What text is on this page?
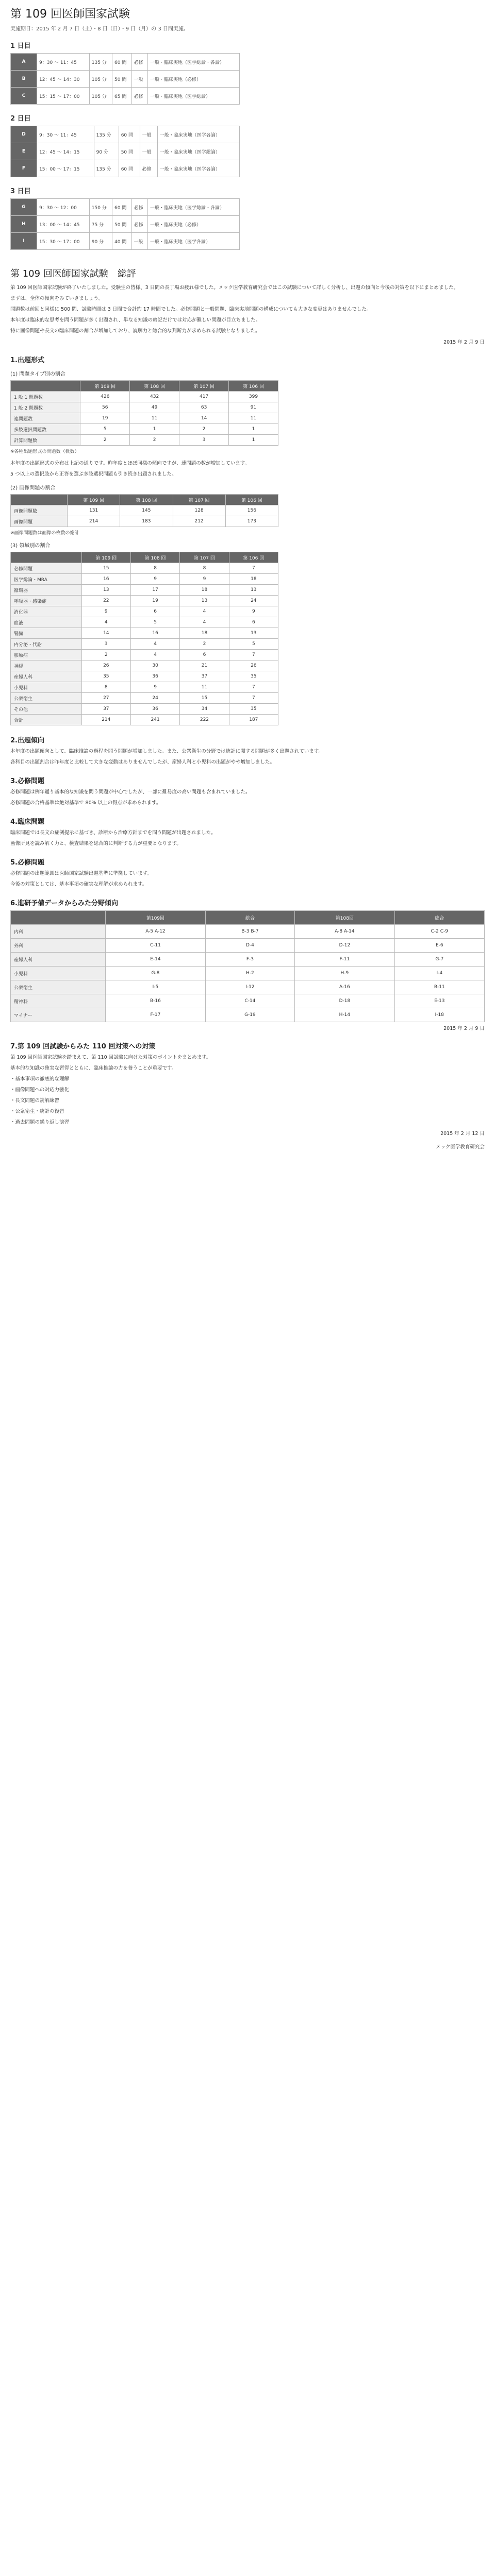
第 109 回医師国家試験
実施期日：2015 年 2 月 7 日（土）・8 日（日）・9 日（月）の 3 日間実施。
1 日目
A	9：30 〜 11：45	135 分	60 問	必修	一般・臨床実地（医学総論・各論）
B	12：45 〜 14：30	105 分	50 問	一般	一般・臨床実地（必修）
C	15：15 〜 17：00	105 分	65 問	必修	一般・臨床実地（医学総論）
2 日目
D	9：30 〜 11：45	135 分	60 問	一般	一般・臨床実地（医学各論）
E	12：45 〜 14：15	90 分	50 問	一般	一般・臨床実地（医学総論）
F	15：00 〜 17：15	135 分	60 問	必修	一般・臨床実地（医学各論）
3 日目
G	9：30 〜 12：00	150 分	60 問	必修	一般・臨床実地（医学総論・各論）
H	13：00 〜 14：45	75 分	50 問	必修	一般・臨床実地（必修）
I	15：30 〜 17：00	90 分	40 問	一般	一般・臨床実地（医学各論）
第 109 回医師国家試験　総評

第 109 回医師国家試験が終了いたしました。受験生の皆様、3 日間の長丁場お疲れ様でした。メック医学教育研究会ではこの試験について詳しく分析し、出題の傾向と今後の対策を以下にまとめました。

まずは、全体の傾向をみていきましょう。

問題数は前回と同様に 500 問、試験時間は 3 日間で合計約 17 時間でした。必修問題と一般問題、臨床実地問題の構成についても大きな変更はありませんでした。

本年度は臨床的な思考を問う問題が多く出題され、単なる知識の暗記だけでは対応が難しい問題が目立ちました。

特に画像問題や長文の臨床問題の割合が増加しており、読解力と総合的な判断力が求められる試験となりました。

2015 年 2 月 9 日
1.出題形式
(1) 問題タイプ別の割合
	第 109 回	第 108 回	第 107 回	第 106 回
1 般 1 問題数	426	432	417	399
1 般 2 問題数	56	49	63	91
連問題数	19	11	14	11
多肢選択問題数	5	1	2	1
計算問題数	2	2	3	1
※各種出題形式の問題数（概数）

本年度の出題形式の分布は上記の通りです。昨年度とほぼ同様の傾向ですが、連問題の数が増加しています。

5 つ以上の選択肢から正答を選ぶ多肢選択問題も引き続き出題されました。

(2) 画像問題の割合
	第 109 回	第 108 回	第 107 回	第 106 回
画像問題数	131	145	128	156
画像問題	214	183	212	173
※画像問題数は画像の枚数の総計
(3) 領域別の割合
	第 109 回	第 108 回	第 107 回	第 106 回
必修問題	15	8	8	7
医学総論・MRA	16	9	9	18
循環器	13	17	18	13
呼吸器・感染症	22	19	13	24
消化器	9	6	4	9
血液	4	5	4	6
腎臓	14	16	18	13
内分泌・代謝	3	4	2	5
膠原病	2	4	6	7
神経	26	30	21	26
産婦人科	35	36	37	35
小児科	8	9	11	7
公衆衛生	27	24	15	7
その他	37	36	34	35
合計	214	241	222	187
2.出題傾向

本年度の出題傾向として、臨床推論の過程を問う問題が増加しました。また、公衆衛生の分野では統計に関する問題が多く出題されています。

各科目の出題割合は昨年度と比較して大きな変動はありませんでしたが、産婦人科と小児科の出題がやや増加しました。

3.必修問題

必修問題は例年通り基本的な知識を問う問題が中心でしたが、一部に難易度の高い問題も含まれていました。

必修問題の合格基準は絶対基準で 80% 以上の得点が求められます。

4.臨床問題

臨床問題では長文の症例提示に基づき、診断から治療方針までを問う問題が出題されました。

画像所見を読み解く力と、検査結果を総合的に判断する力が重要となります。

5.必修問題

必修問題の出題範囲は医師国家試験出題基準に準拠しています。

今後の対策としては、基本事項の確実な理解が求められます。

6.進研予備データからみた分野傾向
	第109回	総合	第108回	総合
内科	A-5 A-12	B-3 B-7	A-8 A-14	C-2 C-9
外科	C-11	D-4	D-12	E-6
産婦人科	E-14	F-3	F-11	G-7
小児科	G-8	H-2	H-9	I-4
公衆衛生	I-5	I-12	A-16	B-11
精神科	B-16	C-14	D-18	E-13
マイナー	F-17	G-19	H-14	I-18
2015 年 2 月 9 日
7.第 109 回試験からみた 110 回対策への対策

第 109 回医師国家試験を踏まえて、第 110 回試験に向けた対策のポイントをまとめます。

基本的な知識の確実な習得とともに、臨床推論の力を養うことが重要です。

・基本事項の徹底的な理解

・画像問題への対応力強化

・長文問題の読解練習

・公衆衛生・統計の復習

・過去問題の繰り返し演習

2015 年 2 月 12 日
メック医学教育研究会
